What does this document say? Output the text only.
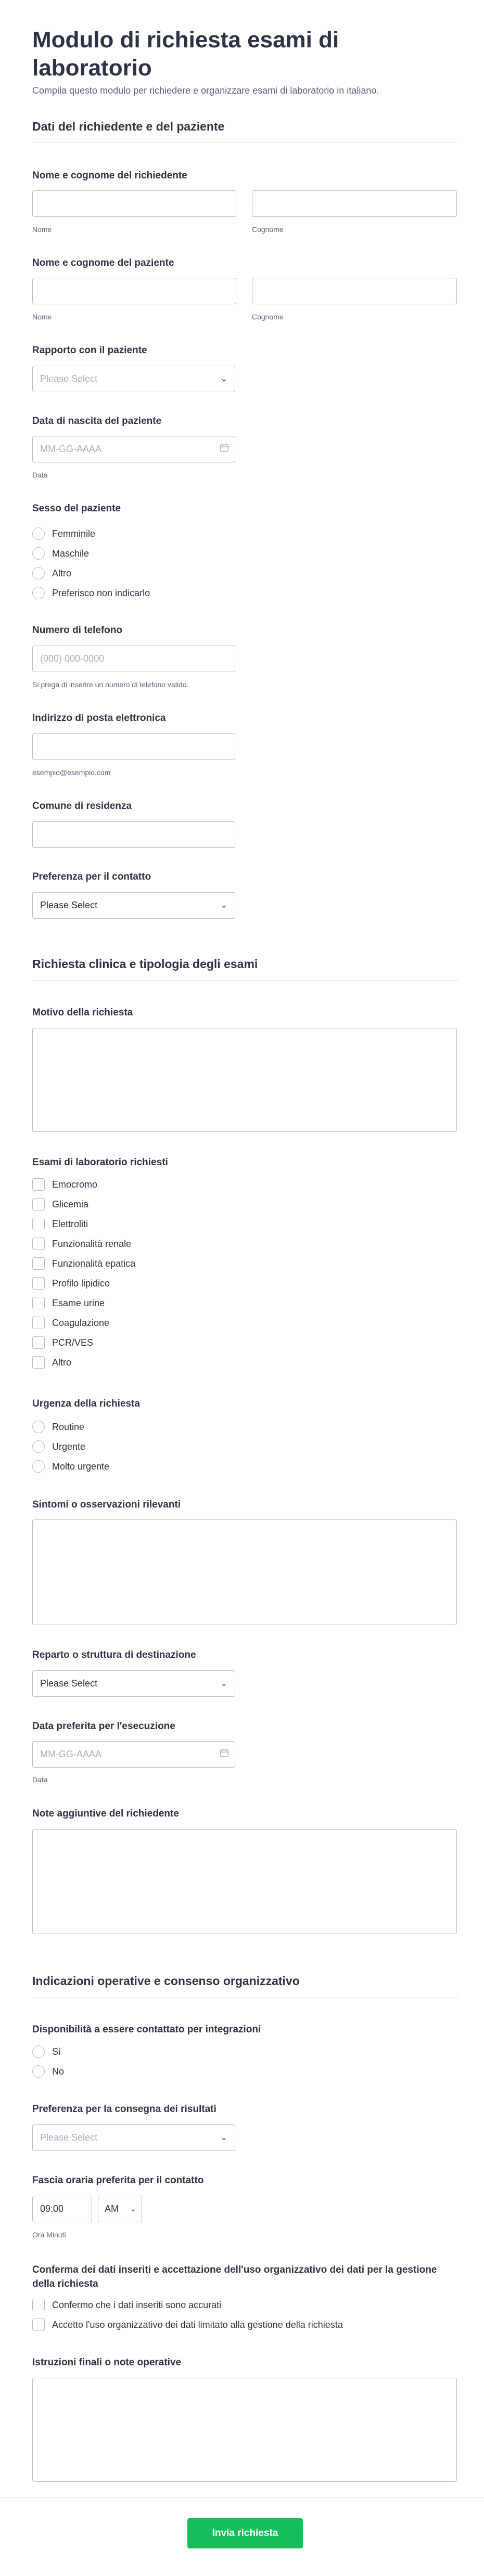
Modulo di richiesta esami di laboratorio
Compila questo modulo per richiedere e organizzare esami di laboratorio in italiano.
Dati del richiedente e del paziente
Nome e cognome del richiedente
Nome	Cognome
Nome e cognome del paziente
Nome	Cognome
Rapporto con il paziente
Please Select	⌄
Data di nascita del paziente
MM-GG-AAAA
Data
Sesso del paziente
Femminile
Maschile
Altro
Preferisco non indicarlo
Numero di telefono
(000) 000-0000
Si prega di inserire un numero di telefono valido.
Indirizzo di posta elettronica
esempio@esempio.com
Comune di residenza
Preferenza per il contatto
Please Select	⌄
Richiesta clinica e tipologia degli esami
Motivo della richiesta
Esami di laboratorio richiesti
Emocromo
Glicemia
Elettroliti
Funzionalità renale
Funzionalità epatica
Profilo lipidico
Esame urine
Coagulazione
PCR/VES
Altro
Urgenza della richiesta
Routine
Urgente
Molto urgente
Sintomi o osservazioni rilevanti
Reparto o struttura di destinazione
Please Select	⌄
Data preferita per l'esecuzione
MM-GG-AAAA
Data
Note aggiuntive del richiedente
Indicazioni operative e consenso organizzativo
Disponibilità a essere contattato per integrazioni
Sì
No
Preferenza per la consegna dei risultati
Please Select	⌄
Fascia oraria preferita per il contatto
09:00
AM ⌄
Ora Minuti
Conferma dei dati inseriti e accettazione dell'uso organizzativo dei dati per la gestione della richiesta
Confermo che i dati inseriti sono accurati
Accetto l'uso organizzativo dei dati limitato alla gestione della richiesta
Istruzioni finali o note operative
Invia richiesta
